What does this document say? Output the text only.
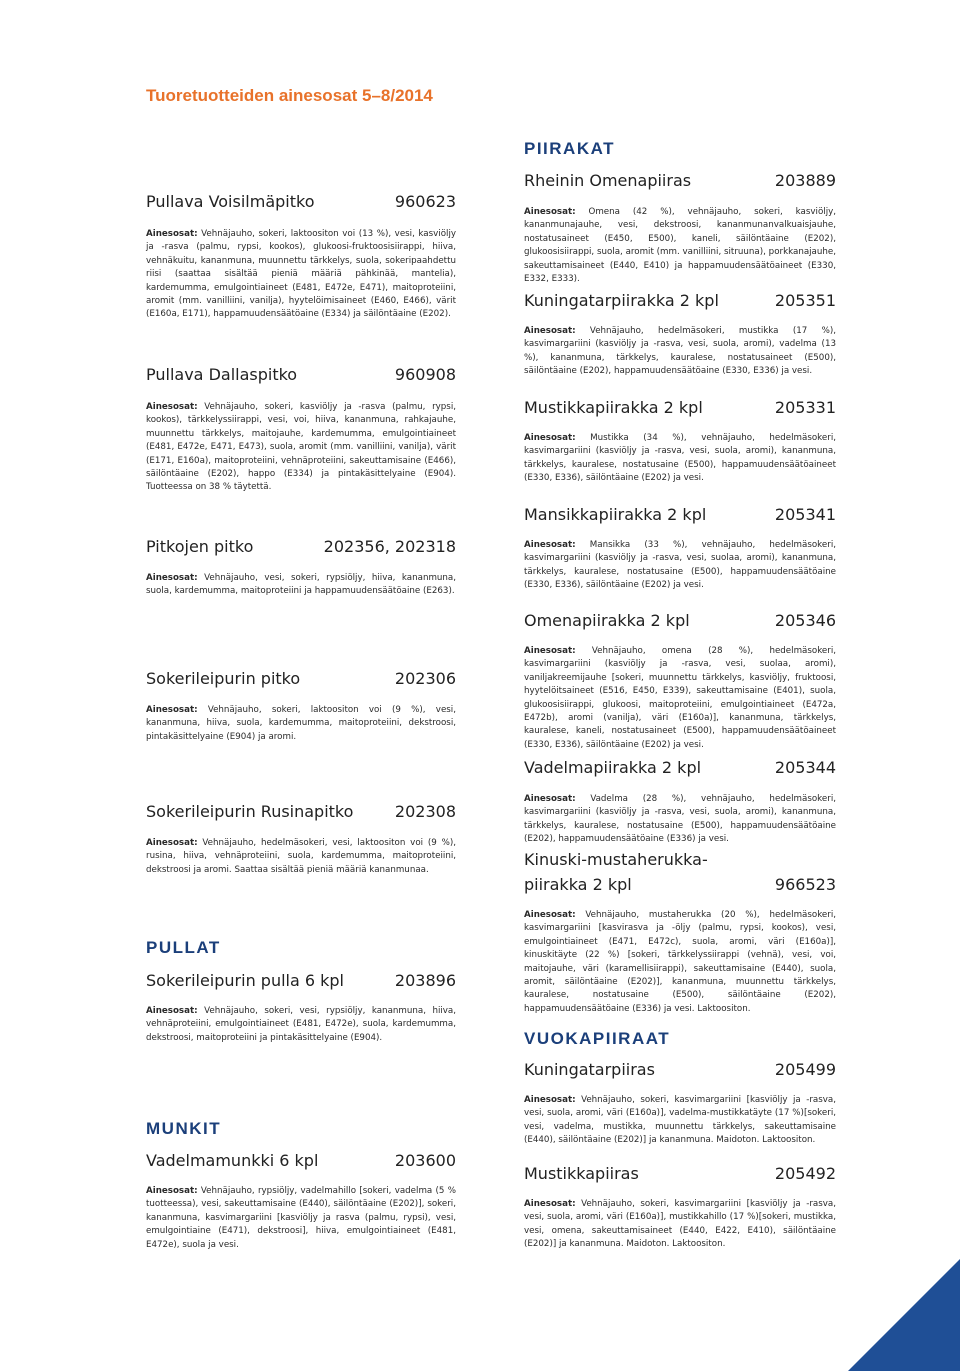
Tuoretuotteiden ainesosat 5–8/2014
Pullava Voisilmäpitko	960623
Ainesosat: Vehnäjauho, sokeri, laktoositon voi (13 %), vesi, kasviöljy ja -rasva (palmu, rypsi, kookos), glukoosi-fruktoosisiirappi, hiiva, vehnäkuitu, kananmuna, muunnettu tärkkelys, suola, sokeripaahdettu riisi (saattaa sisältää pieniä määriä pähkinää, mantelia), kardemumma, emulgointiaineet (E481, E472e, E471), maitoproteiini, aromit (mm. vanilliini, vanilja), hyytelöimisaineet (E460, E466), värit (E160a, E171), happamuudensäätöaine (E334) ja säilöntäaine (E202).
Pullava Dallaspitko	960908
Ainesosat: Vehnäjauho, sokeri, kasviöljy ja -rasva (palmu, rypsi, kookos), tärkkelyssiirappi, vesi, voi, hiiva, kananmuna, rahkajauhe, muunnettu tärkkelys, maitojauhe, kardemumma, emulgointiaineet (E481, E472e, E471, E473), suola, aromit (mm. vanilliini, vanilja), värit (E171, E160a), maitoproteiini, vehnäproteiini, sakeuttamisaine (E466), säilöntäaine (E202), happo (E334) ja pintakäsittelyaine (E904). Tuotteessa on 38 % täytettä.
Pitkojen pitko	202356, 202318
Ainesosat: Vehnäjauho, vesi, sokeri, rypsiöljy, hiiva, kananmuna, suola, kardemumma, maitoproteiini ja happamuudensäätöaine (E263).
Sokerileipurin pitko	202306
Ainesosat: Vehnäjauho, sokeri, laktoositon voi (9 %), vesi, kananmuna, hiiva, suola, kardemumma, maitoproteiini, dekstroosi, pintakäsittelyaine (E904) ja aromi.
Sokerileipurin Rusinapitko	202308
Ainesosat: Vehnäjauho, hedelmäsokeri, vesi, laktoositon voi (9 %), rusina, hiiva, vehnäproteiini, suola, kardemumma, maitoproteiini, dekstroosi ja aromi. Saattaa sisältää pieniä määriä kananmunaa.
PULLAT
Sokerileipurin pulla 6 kpl	203896
Ainesosat: Vehnäjauho, sokeri, vesi, rypsiöljy, kananmuna, hiiva, vehnäproteiini, emulgointiaineet (E481, E472e), suola, kardemumma, dekstroosi, maitoproteiini ja pintakäsittelyaine (E904).
MUNKIT
Vadelmamunkki 6 kpl	203600
Ainesosat: Vehnäjauho, rypsiöljy, vadelmahillo [sokeri, vadelma (5 % tuotteessa), vesi, sakeuttamisaine (E440), säilöntäaine (E202)], sokeri, kananmuna, kasvimargariini [kasviöljy ja rasva (palmu, rypsi), vesi, emulgointiaine (E471), dekstroosi], hiiva, emulgointiaineet (E481, E472e), suola ja vesi.
PIIRAKAT
Rheinin Omenapiiras	203889
Ainesosat: Omena (42 %), vehnäjauho, sokeri, kasviöljy, kananmunajauhe, vesi, dekstroosi, kananmunanvalkuaisjauhe, nostatusaineet (E450, E500), kaneli, säilöntäaine (E202), glukoosisiirappi, suola, aromit (mm. vanilliini, sitruuna), porkkanajauhe, sakeuttamisaineet (E440, E410) ja happamuudensäätöaineet (E330, E332, E333).
Kuningatarpiirakka 2 kpl	205351
Ainesosat: Vehnäjauho, hedelmäsokeri, mustikka (17 %), kasvimargariini (kasviöljy ja -rasva, vesi, suola, aromi), vadelma (13 %), kananmuna, tärkkelys, kauralese, nostatusaineet (E500), säilöntäaine (E202), happamuudensäätöaine (E330, E336) ja vesi.
Mustikkapiirakka 2 kpl	205331
Ainesosat: Mustikka (34 %), vehnäjauho, hedelmäsokeri, kasvimargariini (kasviöljy ja -rasva, vesi, suola, aromi), kananmuna, tärkkelys, kauralese, nostatusaine (E500), happamuudensäätöaineet (E330, E336), säilöntäaine (E202) ja vesi.
Mansikkapiirakka 2 kpl	205341
Ainesosat: Mansikka (33 %), vehnäjauho, hedelmäsokeri, kasvimargariini (kasviöljy ja -rasva, vesi, suolaa, aromi), kananmuna, tärkkelys, kauralese, nostatusaine (E500), happamuudensäätöaine (E330, E336), säilöntäaine (E202) ja vesi.
Omenapiirakka 2 kpl	205346
Ainesosat: Vehnäjauho, omena (28 %), hedelmäsokeri, kasvimargariini (kasviöljy ja -rasva, vesi, suolaa, aromi), vaniljakreemijauhe [sokeri, muunnettu tärkkelys, kasviöljy, fruktoosi, hyytelöitsaineet (E516, E450, E339), sakeuttamisaine (E401), suola, glukoosisiirappi, glukoosi, maitoproteiini, emulgointiaineet (E472a, E472b), aromi (vanilja), väri (E160a)], kananmuna, tärkkelys, kauralese, kaneli, nostatusaineet (E500), happamuudensäätöaineet (E330, E336), säilöntäaine (E202) ja vesi.
Vadelmapiirakka 2 kpl	205344
Ainesosat: Vadelma (28 %), vehnäjauho, hedelmäsokeri, kasvimargariini (kasviöljy ja -rasva, vesi, suola, aromi), kananmuna, tärkkelys, kauralese, nostatusaine (E500), happamuudensäätöaine (E202), happamuudensäätöaine (E336) ja vesi.
Kinuski-mustaherukka-
piirakka 2 kpl	966523
Ainesosat: Vehnäjauho, mustaherukka (20 %), hedelmäsokeri, kasvimargariini [kasvirasva ja -öljy (palmu, rypsi, kookos), vesi, emulgointiaineet (E471, E472c), suola, aromi, väri (E160a)], kinuskitäyte (22 %) [sokeri, tärkkelyssiirappi (vehnä), vesi, voi, maitojauhe, väri (karamellisiirappi), sakeuttamisaine (E440), suola, aromit, säilöntäaine (E202)], kananmuna, muunnettu tärkkelys, kauralese, nostatusaine (E500), säilöntäaine (E202), happamuudensäätöaine (E336) ja vesi. Laktoositon.
VUOKAPIIRAAT
Kuningatarpiiras	205499
Ainesosat: Vehnäjauho, sokeri, kasvimargariini [kasviöljy ja -rasva, vesi, suola, aromi, väri (E160a)], vadelma-mustikkatäyte (17 %)[sokeri, vesi, vadelma, mustikka, muunnettu tärkkelys, sakeuttamisaine (E440), säilöntäaine (E202)] ja kananmuna. Maidoton. Laktoositon.
Mustikkapiiras	205492
Ainesosat: Vehnäjauho, sokeri, kasvimargariini [kasviöljy ja -rasva, vesi, suola, aromi, väri (E160a)], mustikkahillo (17 %)[sokeri, mustikka, vesi, omena, sakeuttamisaineet (E440, E422, E410), säilöntäaine (E202)] ja kananmuna. Maidoton. Laktoositon.
7
